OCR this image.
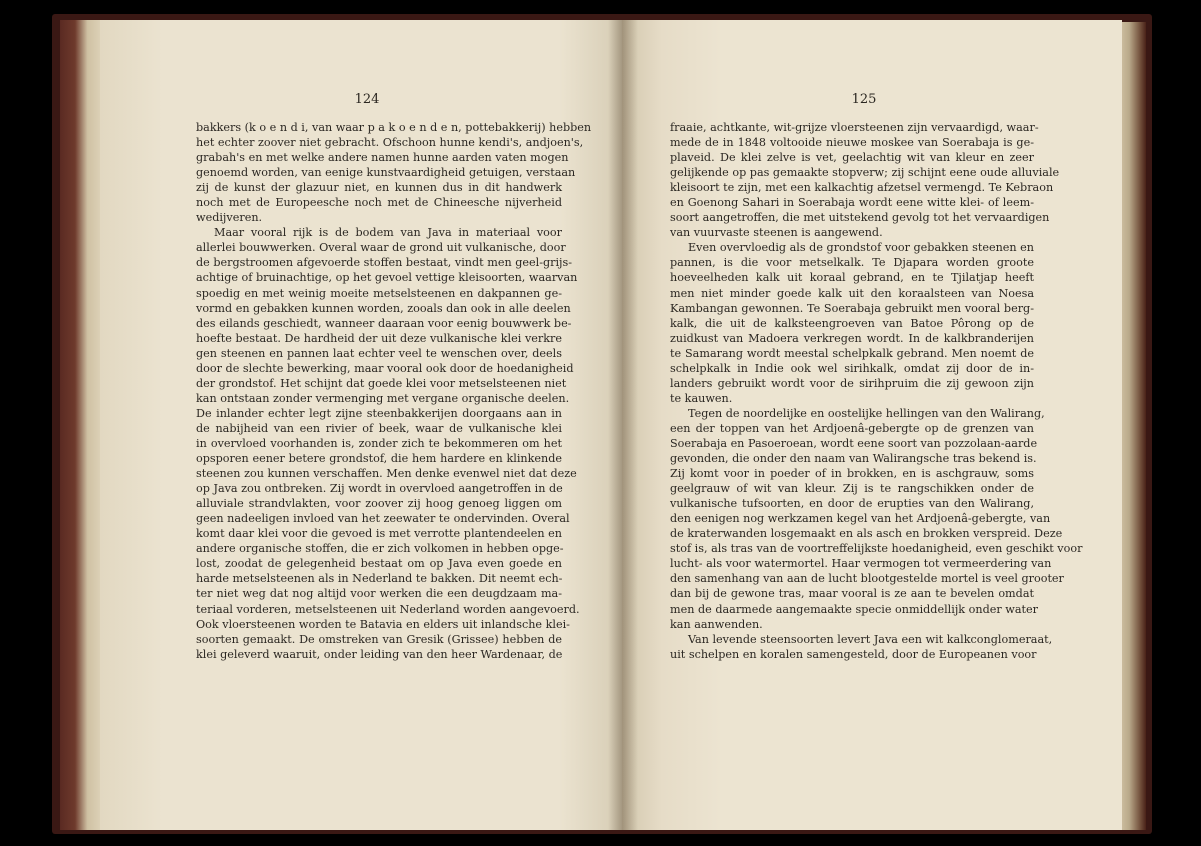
124
bakkers (k o e n d i, van waar p a k o e n d e n, pottebakkerij) hebben
het echter zoover niet gebracht. Ofschoon hunne kendi's, andjoen's,
grabah's en met welke andere namen hunne aarden vaten mogen
genoemd worden, van eenige kunstvaardigheid getuigen, verstaan
zij de kunst der glazuur niet, en kunnen dus in dit handwerk
noch met de Europeesche noch met de Chineesche nijverheid
wedijveren.
Maar vooral rijk is de bodem van Java in materiaal voor
allerlei bouwwerken. Overal waar de grond uit vulkanische, door
de bergstroomen afgevoerde stoffen bestaat, vindt men geel-grijs-
achtige of bruinachtige, op het gevoel vettige kleisoorten, waarvan
spoedig en met weinig moeite metselsteenen en dakpannen ge-
vormd en gebakken kunnen worden, zooals dan ook in alle deelen
des eilands geschiedt, wanneer daaraan voor eenig bouwwerk be-
hoefte bestaat. De hardheid der uit deze vulkanische klei verkre
gen steenen en pannen laat echter veel te wenschen over, deels
door de slechte bewerking, maar vooral ook door de hoedanigheid
der grondstof. Het schijnt dat goede klei voor metselsteenen niet
kan ontstaan zonder vermenging met vergane organische deelen.
De inlander echter legt zijne steenbakkerijen doorgaans aan in
de nabijheid van een rivier of beek, waar de vulkanische klei
in overvloed voorhanden is, zonder zich te bekommeren om het
opsporen eener betere grondstof, die hem hardere en klinkende
steenen zou kunnen verschaffen. Men denke evenwel niet dat deze
op Java zou ontbreken. Zij wordt in overvloed aangetroffen in de
alluviale strandvlakten, voor zoover zij hoog genoeg liggen om
geen nadeeligen invloed van het zeewater te ondervinden. Overal
komt daar klei voor die gevoed is met verrotte plantendeelen en
andere organische stoffen, die er zich volkomen in hebben opge-
lost, zoodat de gelegenheid bestaat om op Java even goede en
harde metselsteenen als in Nederland te bakken. Dit neemt ech-
ter niet weg dat nog altijd voor werken die een deugdzaam ma-
teriaal vorderen, metselsteenen uit Nederland worden aangevoerd.
Ook vloersteenen worden te Batavia en elders uit inlandsche klei-
soorten gemaakt. De omstreken van Gresik (Grissee) hebben de
klei geleverd waaruit, onder leiding van den heer Wardenaar, de
125
fraaie, achtkante, wit-grijze vloersteenen zijn vervaardigd, waar-
mede de in 1848 voltooide nieuwe moskee van Soerabaja is ge-
plaveid. De klei zelve is vet, geelachtig wit van kleur en zeer
gelijkende op pas gemaakte stopverw; zij schijnt eene oude alluviale
kleisoort te zijn, met een kalkachtig afzetsel vermengd. Te Kebraon
en Goenong Sahari in Soerabaja wordt eene witte klei- of leem-
soort aangetroffen, die met uitstekend gevolg tot het vervaardigen
van vuurvaste steenen is aangewend.
Even overvloedig als de grondstof voor gebakken steenen en
pannen, is die voor metselkalk. Te Djapara worden groote
hoeveelheden kalk uit koraal gebrand, en te Tjilatjap heeft
men niet minder goede kalk uit den koraalsteen van Noesa
Kambangan gewonnen. Te Soerabaja gebruikt men vooral berg-
kalk, die uit de kalksteengroeven van Batoe Pôrong op de
zuidkust van Madoera verkregen wordt. In de kalkbranderijen
te Samarang wordt meestal schelpkalk gebrand. Men noemt de
schelpkalk in Indie ook wel sirihkalk, omdat zij door de in-
landers gebruikt wordt voor de sirihpruim die zij gewoon zijn
te kauwen.
Tegen de noordelijke en oostelijke hellingen van den Walirang,
een der toppen van het Ardjoenâ-gebergte op de grenzen van
Soerabaja en Pasoeroean, wordt eene soort van pozzolaan-aarde
gevonden, die onder den naam van Walirangsche tras bekend is.
Zij komt voor in poeder of in brokken, en is aschgrauw, soms
geelgrauw of wit van kleur. Zij is te rangschikken onder de
vulkanische tufsoorten, en door de erupties van den Walirang,
den eenigen nog werkzamen kegel van het Ardjoenâ-gebergte, van
de kraterwanden losgemaakt en als asch en brokken verspreid. Deze
stof is, als tras van de voortreffelijkste hoedanigheid, even geschikt voor
lucht- als voor watermortel. Haar vermogen tot vermeerdering van
den samenhang van aan de lucht blootgestelde mortel is veel grooter
dan bij de gewone tras, maar vooral is ze aan te bevelen omdat
men de daarmede aangemaakte specie onmiddellijk onder water
kan aanwenden.
Van levende steensoorten levert Java een wit kalkconglomeraat,
uit schelpen en koralen samengesteld, door de Europeanen voor
